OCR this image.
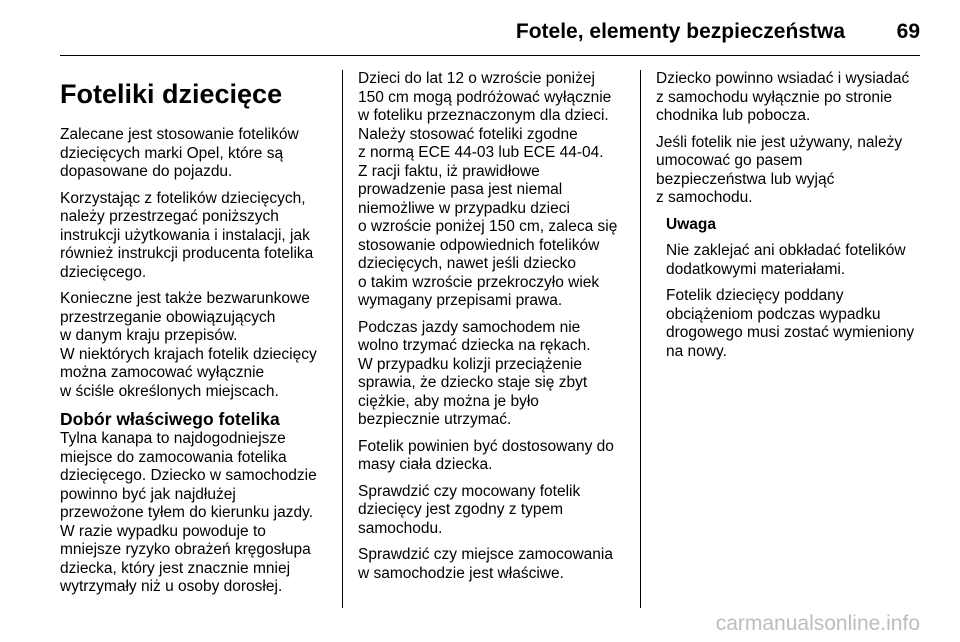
Fotele, elementy bezpieczeństwa 69
Foteliki dziecięce

Zalecane jest stosowanie fotelików
dziecięcych marki Opel, które są
dopasowane do pojazdu.

Korzystając z fotelików dziecięcych,
należy przestrzegać poniższych
instrukcji użytkowania i instalacji, jak
również instrukcji producenta fotelika
dziecięcego.

Konieczne jest także bezwarunkowe
przestrzeganie obowiązujących
w danym kraju przepisów.
W niektórych krajach fotelik dziecięcy
można zamocować wyłącznie
w ściśle określonych miejscach.

Dobór właściwego fotelika

Tylna kanapa to najdogodniejsze
miejsce do zamocowania fotelika
dziecięcego. Dziecko w samochodzie
powinno być jak najdłużej
przewożone tyłem do kierunku jazdy.
W razie wypadku powoduje to
mniejsze ryzyko obrażeń kręgosłupa
dziecka, który jest znacznie mniej
wytrzymały niż u osoby dorosłej.

Dzieci do lat 12 o wzroście poniżej
150 cm mogą podróżować wyłącznie
w foteliku przeznaczonym dla dzieci.
Należy stosować foteliki zgodne
z normą ECE 44-03 lub ECE 44-04.
Z racji faktu, iż prawidłowe
prowadzenie pasa jest niemal
niemożliwe w przypadku dzieci
o wzroście poniżej 150 cm, zaleca się
stosowanie odpowiednich fotelików
dziecięcych, nawet jeśli dziecko
o takim wzroście przekroczyło wiek
wymagany przepisami prawa.

Podczas jazdy samochodem nie
wolno trzymać dziecka na rękach.
W przypadku kolizji przeciążenie
sprawia, że dziecko staje się zbyt
ciężkie, aby można je było
bezpiecznie utrzymać.

Fotelik powinien być dostosowany do
masy ciała dziecka.

Sprawdzić czy mocowany fotelik
dziecięcy jest zgodny z typem
samochodu.

Sprawdzić czy miejsce zamocowania
w samochodzie jest właściwe.

Dziecko powinno wsiadać i wysiadać
z samochodu wyłącznie po stronie
chodnika lub pobocza.

Jeśli fotelik nie jest używany, należy
umocować go pasem
bezpieczeństwa lub wyjąć
z samochodu.

Uwaga

Nie zaklejać ani obkładać fotelików
dodatkowymi materiałami.

Fotelik dziecięcy poddany
obciążeniom podczas wypadku
drogowego musi zostać wymieniony
na nowy.

carmanualsonline.info
